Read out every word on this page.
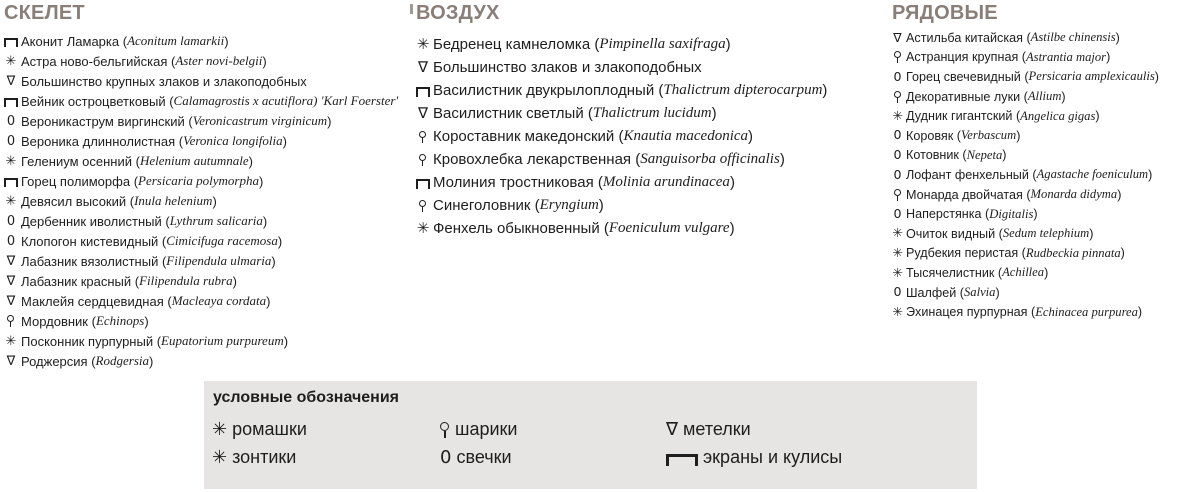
СКЕЛЕТ
Аконит Ламарка ( Aconitum lamarkii )
✳ Астра ново-бельгийская ( Aster novi-belgii )
∇ Большинство крупных злаков и злакоподобных
Вейник остроцветковый ( Calamagrostis x acutiflora) 'Karl Foerster'
0 Вероникаструм виргинский ( Veronicastrum virginicum )
0 Вероника длиннолистная ( Veronica longifolia )
✳ Гелениум осенний ( Helenium autumnale )
Горец полиморфа ( Persicaria polymorpha )
✳ Девясил высокий ( Inula helenium )
0 Дербенник иволистный ( Lythrum salicaria )
0 Клопогон кистевидный ( Cimicifuga racemosa )
∇ Лабазник вязолистный ( Filipendula ulmaria )
∇ Лабазник красный ( Filipendula rubra )
∇ Маклейя сердцевидная ( Macleaya cordata )
Мордовник ( Echinops )
✳ Посконник пурпурный ( Eupatorium purpureum )
∇ Роджерсия ( Rodgersia )
ВОЗДУХ
✳ Бедренец камнеломка ( Pimpinella saxifraga )
∇ Большинство злаков и злакоподобных
Василистник двукрылоплодный ( Thalictrum dipterocarpum )
∇ Василистник светлый ( Thalictrum lucidum )
Короставник македонский ( Knautia macedonica )
Кровохлебка лекарственная ( Sanguisorba officinalis )
Молиния тростниковая ( Molinia arundinacea )
Синеголовник ( Eryngium )
✳ Фенхель обыкновенный ( Foeniculum vulgare )
РЯДОВЫЕ
∇ Астильба китайская ( Astilbe chinensis )
Астранция крупная ( Astrantia major )
0 Горец свечевидный ( Persicaria amplexicaulis )
Декоративные луки ( Allium )
✳ Дудник гигантский ( Angelica gigas )
0 Коровяк ( Verbascum )
0 Котовник ( Nepeta )
0 Лофант фенхельный ( Agastache foeniculum )
Монарда двойчатая ( Monarda didyma )
0 Наперстянка ( Digitalis )
✳ Очиток видный ( Sedum telephium )
✳ Рудбекия перистая ( Rudbeckia pinnata )
✳ Тысячелистник ( Achillea )
0 Шалфей ( Salvia )
✳ Эхинацея пурпурная ( Echinacea purpurea )
условные обозначения
✳ ромашки
✳ зонтики
шарики
0 свечки
∇ метелки
экраны и кулисы
